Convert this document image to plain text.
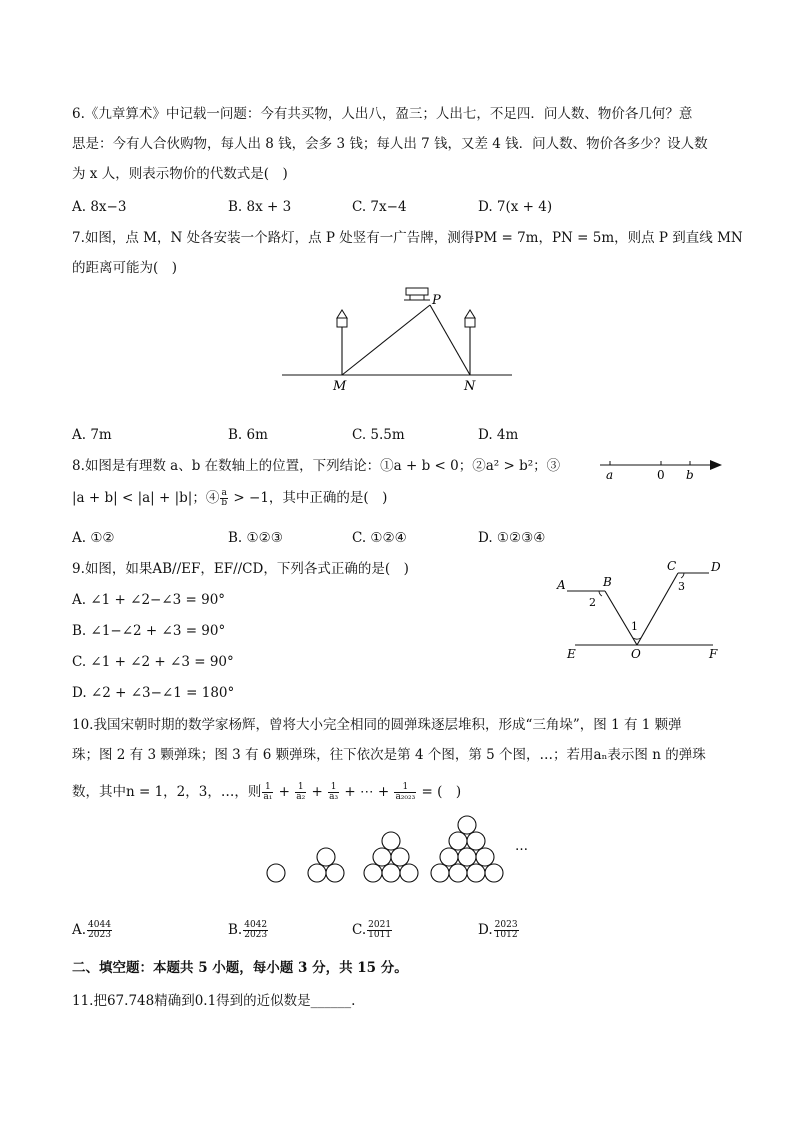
6.《九章算术》中记载一问题：今有共买物，人出八，盈三；人出七，不足四．问人数、物价各几何？意
思是：今有人合伙购物，每人出 8 钱，会多 3 钱；每人出 7 钱，又差 4 钱．问人数、物价各多少？设人数
为 x 人，则表示物价的代数式是(　)
A. 8x−3	B. 8x + 3	C. 7x−4	D. 7(x + 4)
7.如图，点 M，N 处各安装一个路灯，点 P 处竖有一广告牌，测得PM = 7m，PN = 5m，则点 P 到直线 MN
的距离可能为(　)
P
M	N
A. 7m	B. 6m	C. 5.5m	D. 4m
8.如图是有理数 a、b 在数轴上的位置，下列结论：①a + b < 0；②a² > b²；③
|a + b| < |a| + |b|；④ $\frac{a}{b} > -1$，其中正确的是(　)
a	0 b
A. ①②	B. ①②③	C. ①②④	D. ①②③④
9.如图，如果AB//EF，EF//CD，下列各式正确的是(　)
A. ∠1 + ∠2−∠3 = 90°
B. ∠1−∠2 + ∠3 = 90°
C. ∠1 + ∠2 + ∠3 = 90°
D. ∠2 + ∠3−∠1 = 180°
A	B
C	D
E	O	F
1
2
3
10.我国宋朝时期的数学家杨辉，曾将大小完全相同的圆弹珠逐层堆积，形成“三角垛”，图 1 有 1 颗弹
珠；图 2 有 3 颗弹珠；图 3 有 6 颗弹珠，往下依次是第 4 个图，第 5 个图，…；若用aₙ表示图 n 的弹珠
数，其中n = 1，2，3，…，则 $\frac{1}{\text{a₁}} + \frac{1}{\text{a₂}} + \frac{1}{\text{a₃}}$ + ⋯ + $\frac{1}{\text{a₂₀₂₃}}$ = (　)
…
A. $\frac{4044}{2023}$	B. $\frac{4042}{2023}$	C. $\frac{2021}{1011}$	D. $\frac{2023}{1012}$
二、填空题：本题共 5 小题，每小题 3 分，共 15 分。
11.把67.748精确到0.1得到的近似数是______.
